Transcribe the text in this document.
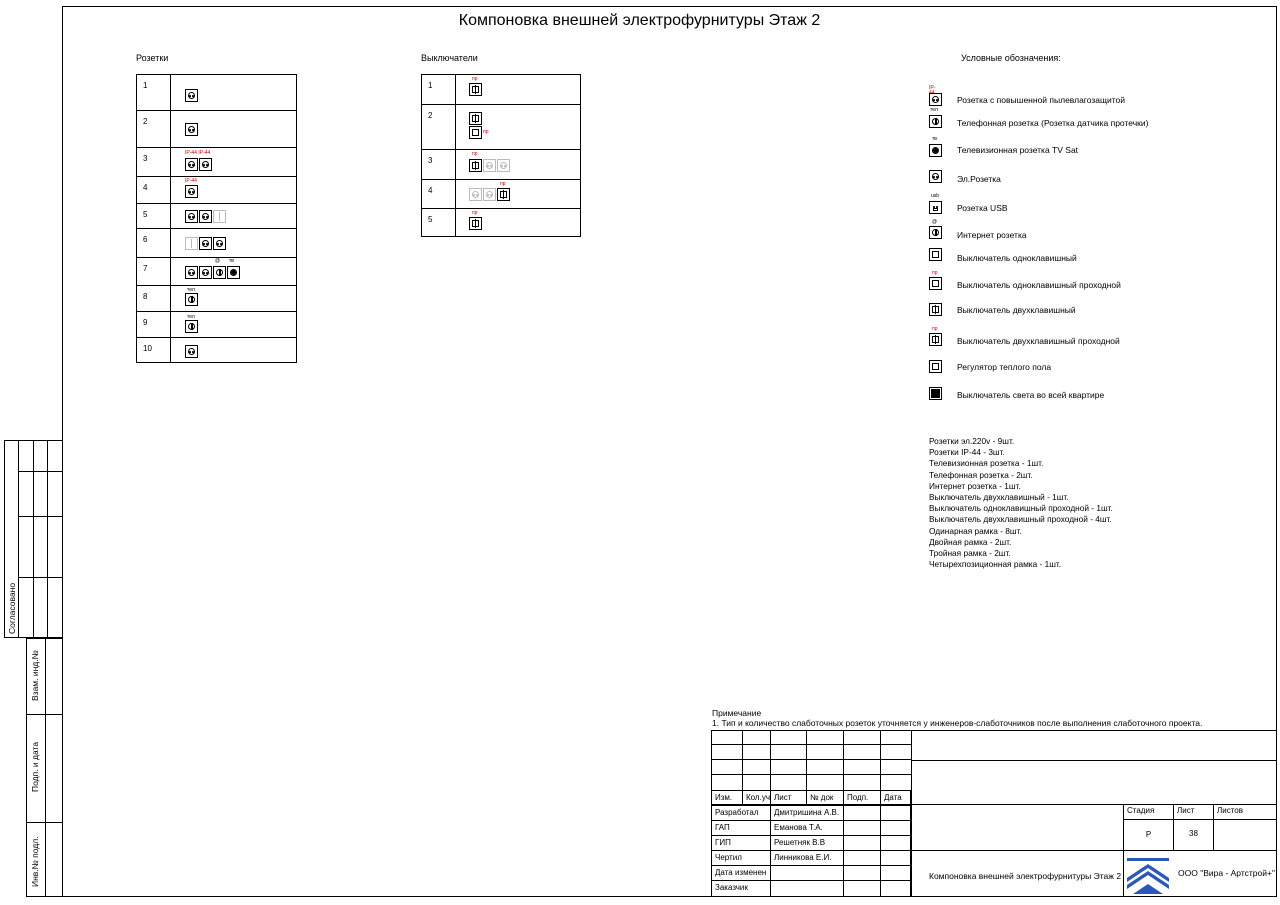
Компоновка внешней электрофурнитуры Этаж 2
Розетки
1	

2	

3	IP-44 IP-44

4	IP-44

5	

6	

7	@ тв

8	тел

9	тел

10	
Выключатели
1	пр

2	пр

3	пр

4	пр

5	пр
Условные обозначения:
IP-
Розетка с повышенной пылевлагозащитой
тел
Телефонная розетка (Розетка датчика протечки)
тв
Телевизионная розетка TV Sat
Эл.Розетка
usb
Розетка USB
@
Интернет розетка
Выключатель одноклавишный
пр
Выключатель одноклавишный проходной
Выключатель двухклавишный
пр
Выключатель двухклавишный проходной
Регулятор теплого пола
Выключатель света во всей квартире
Розетки эл.220v - 9шт.
Розетки IP-44 - 3шт.
Телевизионная розетка - 1шт.
Телефонная розетка - 2шт.
Интернет розетка - 1шт.
Выключатель двухклавишный - 1шт.
Выключатель одноклавишный проходной - 1шт.
Выключатель двухклавишный проходной - 4шт.
Одинарная рамка - 8шт.
Двойная рамка - 2шт.
Тройная рамка - 2шт.
Четырехпозиционная рамка - 1шт.
Примечание
1. Тип и количество слаботочных розеток уточняется у инженеров-слаботочников после выполнения слаботочного проекта.
Изм.	Кол.уч Лист	№ док	Подп.	Дата
Разработал	Дмитришина А.В.
ГАП	Еманова Т.А.
ГИП	Решетняк В.В
Чертил	Линникова Е.И.
Дата изменен
Заказчик
Стадия	Лист	Листов
Р	38
Компоновка внешней электрофурнитуры Этаж 2	ООО "Вира - Артстрой+"
Согласовано
Взам. инд.№
Подп. и дата
Инв.№ подл.
